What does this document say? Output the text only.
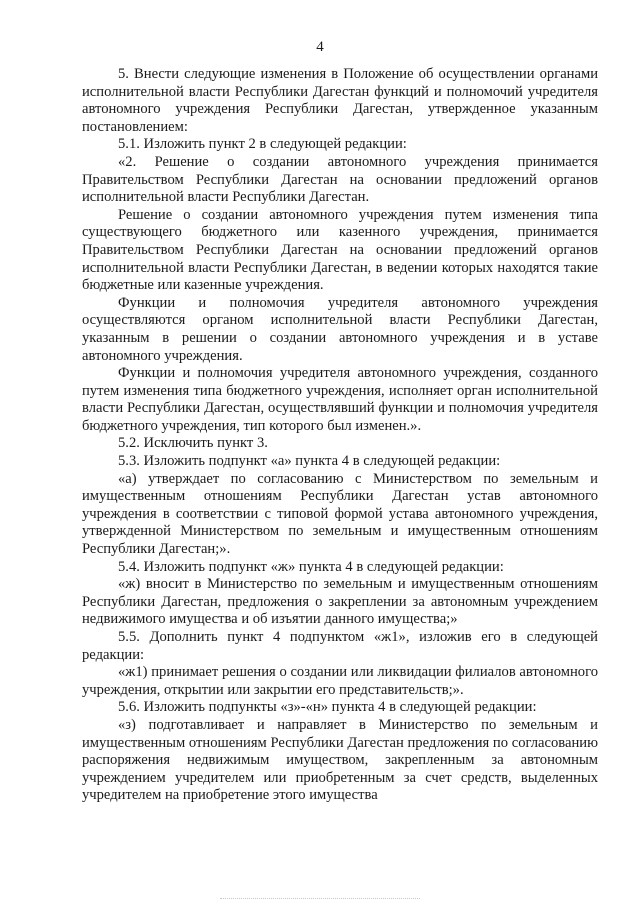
4

5. Внести следующие изменения в Положение об осуществлении органами исполнительной власти Республики Дагестан функций и полномочий учредителя автономного учреждения Республики Дагестан, утвержденное указанным постановлением:

5.1. Изложить пункт 2 в следующей редакции:

«2. Решение о создании автономного учреждения принимается Правительством Республики Дагестан на основании предложений органов исполнительной власти Республики Дагестан.

Решение о создании автономного учреждения путем изменения типа существующего бюджетного или казенного учреждения, принимается Правительством Республики Дагестан на основании предложений органов исполнительной власти Республики Дагестан, в ведении которых находятся такие бюджетные или казенные учреждения.

Функции и полномочия учредителя автономного учреждения осуществляются органом исполнительной власти Республики Дагестан, указанным в решении о создании автономного учреждения и в уставе автономного учреждения.

Функции и полномочия учредителя автономного учреждения, созданного путем изменения типа бюджетного учреждения, исполняет орган исполнительной власти Республики Дагестан, осуществлявший функции и полномочия учредителя бюджетного учреждения, тип которого был изменен.».

5.2. Исключить пункт 3.

5.3. Изложить подпункт «а» пункта 4 в следующей редакции:

«а) утверждает по согласованию с Министерством по земельным и имущественным отношениям Республики Дагестан устав автономного учреждения в соответствии с типовой формой устава автономного учреждения, утвержденной Министерством по земельным и имущественным отношениям Республики Дагестан;».

5.4. Изложить подпункт «ж» пункта 4 в следующей редакции:

«ж) вносит в Министерство по земельным и имущественным отношениям Республики Дагестан, предложения о закреплении за автономным учреждением недвижимого имущества и об изъятии данного имущества;»

5.5. Дополнить пункт 4 подпунктом «ж1», изложив его в следующей редакции:

«ж1) принимает решения о создании или ликвидации филиалов автономного учреждения, открытии или закрытии его представительств;».

5.6. Изложить подпункты «з»-«н» пункта 4 в следующей редакции:

«з) подготавливает и направляет в Министерство по земельным и имущественным отношениям Республики Дагестан предложения по согласованию распоряжения недвижимым имуществом, закрепленным за автономным учреждением учредителем или приобретенным за счет средств, выделенных учредителем на приобретение этого имущества
